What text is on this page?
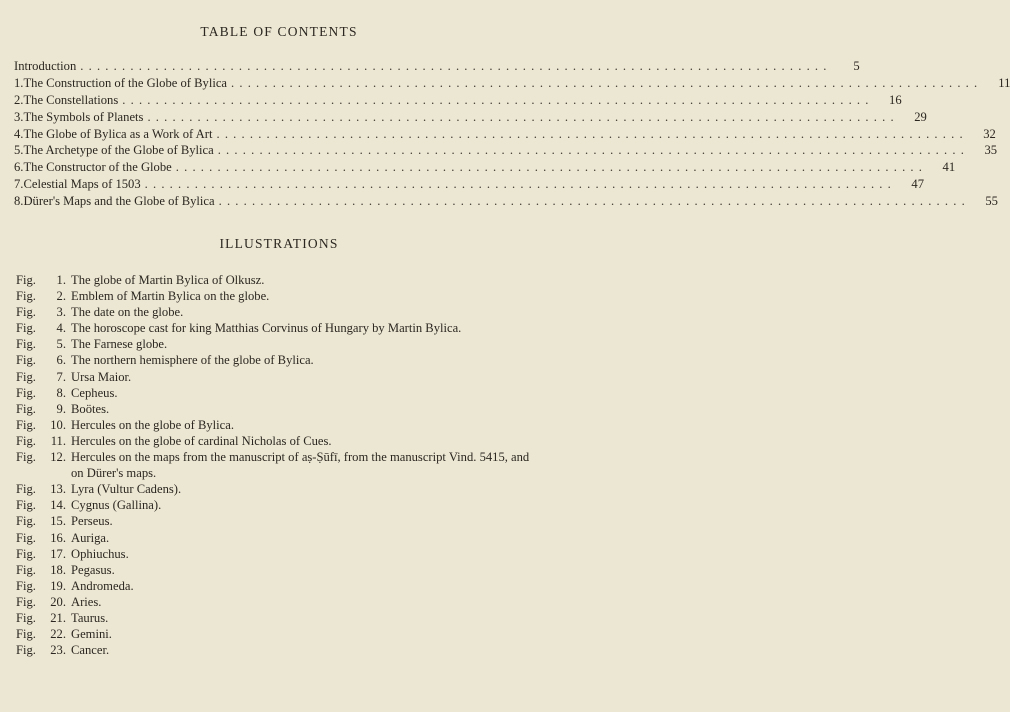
TABLE OF CONTENTS
Introduction ..........................................................................................	5
1. The Construction of the Globe of Bylica ..........................................................................................	11
2. The Constellations ..........................................................................................	16
3. The Symbols of Planets ..........................................................................................	29
4. The Globe of Bylica as a Work of Art ..........................................................................................	32
5. The Archetype of the Globe of Bylica ..........................................................................................	35
6. The Constructor of the Globe ..........................................................................................	41
7. Celestial Maps of 1503 ..........................................................................................	47
8. Dürer's Maps and the Globe of Bylica ..........................................................................................	55
ILLUSTRATIONS
Fig.	1. The globe of Martin Bylica of Olkusz.
Fig.	2. Emblem of Martin Bylica on the globe.
Fig.	3. The date on the globe.
Fig.	4. The horoscope cast for king Matthias Corvinus of Hungary by Martin Bylica.
Fig.	5. The Farnese globe.
Fig.	6. The northern hemisphere of the globe of Bylica.
Fig.	7. Ursa Maior.
Fig.	8. Cepheus.
Fig.	9. Boötes.
Fig.	10. Hercules on the globe of Bylica.
Fig.	11. Hercules on the globe of cardinal Nicholas of Cues.
Fig.	12. Hercules on the maps from the manuscript of aṣ-Ṣūfī, from the manuscript Vind. 5415, and on Dürer's maps.
Fig.	13. Lyra (Vultur Cadens).
Fig.	14. Cygnus (Gallina).
Fig.	15. Perseus.
Fig.	16. Auriga.
Fig.	17. Ophiuchus.
Fig.	18. Pegasus.
Fig.	19. Andromeda.
Fig.	20. Aries.
Fig.	21. Taurus.
Fig.	22. Gemini.
Fig.	23. Cancer.
